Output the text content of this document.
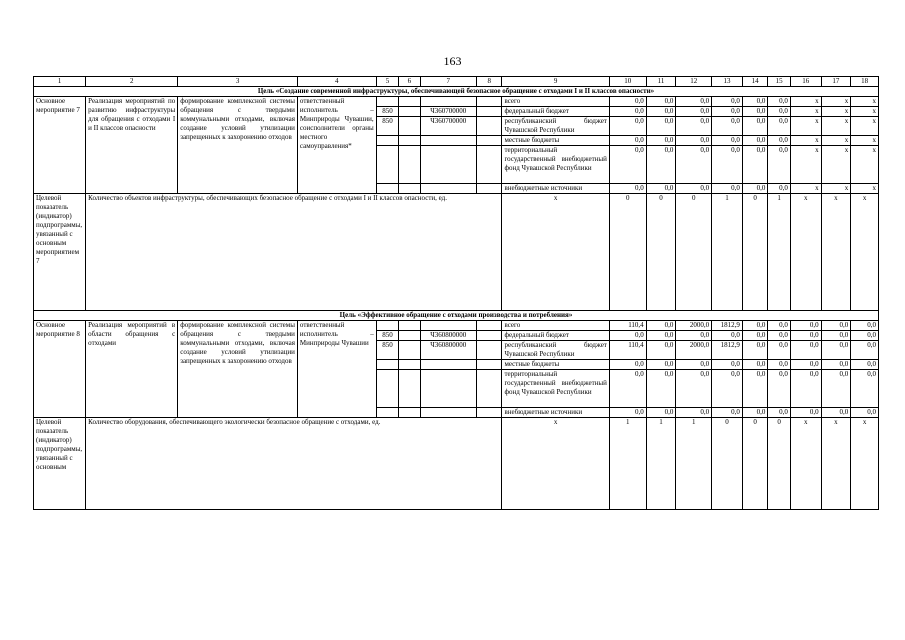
163
1	2	3	4	5	6	7	8	9	10	11	12	13	14	15	16	17	18
Цель «Создание современной инфраструктуры, обеспечивающей безопасное обращение с отходами I и II классов опасности»																	
Основное мероприятие 7	Реализация мероприятий по развитию инфраструктуры для обращения с отходами I и II классов опасности	формирование комплексной системы обращения с твердыми коммунальными отходами, включая создание условий утилизации запрещенных к захоронению отходов	ответственный исполнитель – Минприроды Чувашии, соисполнители органы местного самоуправления*					всего	0,0	0,0	0,0	0,0	0,0	0,0	х	х	х
				850		Ч360700000		федеральный бюджет	0,0	0,0	0,0	0,0	0,0	0,0	х	х	х
				850		Ч360700000		республиканский бюджет Чувашской Республики	0,0	0,0	0,0	0,0	0,0	0,0	х	х	х
								местные бюджеты	0,0	0,0	0,0	0,0	0,0	0,0	х	х	х
								территориальный государственный внебюджетный фонд Чувашской Республики	0,0	0,0	0,0	0,0	0,0	0,0	х	х	х
								внебюджетные источники	0,0	0,0	0,0	0,0	0,0	0,0	х	х	х
Целевой показатель (индикатор) подпрограммы, увязанный с основным мероприятием 7	Количество объектов инфраструктуры, обеспечивающих безопасное обращение с отходами I и II классов опасности, ед.							х	0	0	0	1	0	1	х	х	х
Цель «Эффективное обращение с отходами производства и потребления»																	
Основное мероприятие 8	Реализация мероприятий в области обращения с отходами	формирование комплексной системы обращения с твердыми коммунальными отходами, включая создание условий утилизации запрещенных к захоронению отходов	ответственный исполнитель – Минприроды Чувашии					всего	110,4	0,0	2000,0	1812,9	0,0	0,0	0,0	0,0	0,0
				850		Ч360800000		федеральный бюджет	0,0	0,0	0,0	0,0	0,0	0,0	0,0	0,0	0,0
				850		Ч360800000		республиканский бюджет Чувашской Республики	110,4	0,0	2000,0	1812,9	0,0	0,0	0,0	0,0	0,0
								местные бюджеты	0,0	0,0	0,0	0,0	0,0	0,0	0,0	0,0	0,0
								территориальный государственный внебюджетный фонд Чувашской Республики	0,0	0,0	0,0	0,0	0,0	0,0	0,0	0,0	0,0
								внебюджетные источники	0,0	0,0	0,0	0,0	0,0	0,0	0,0	0,0	0,0
Целевой показатель (индикатор) подпрограммы, увязанный с основным	Количество оборудования, обеспечивающего экологически безопасное обращение с отходами, ед.							х	1	1	1	0	0	0	х	х	х
